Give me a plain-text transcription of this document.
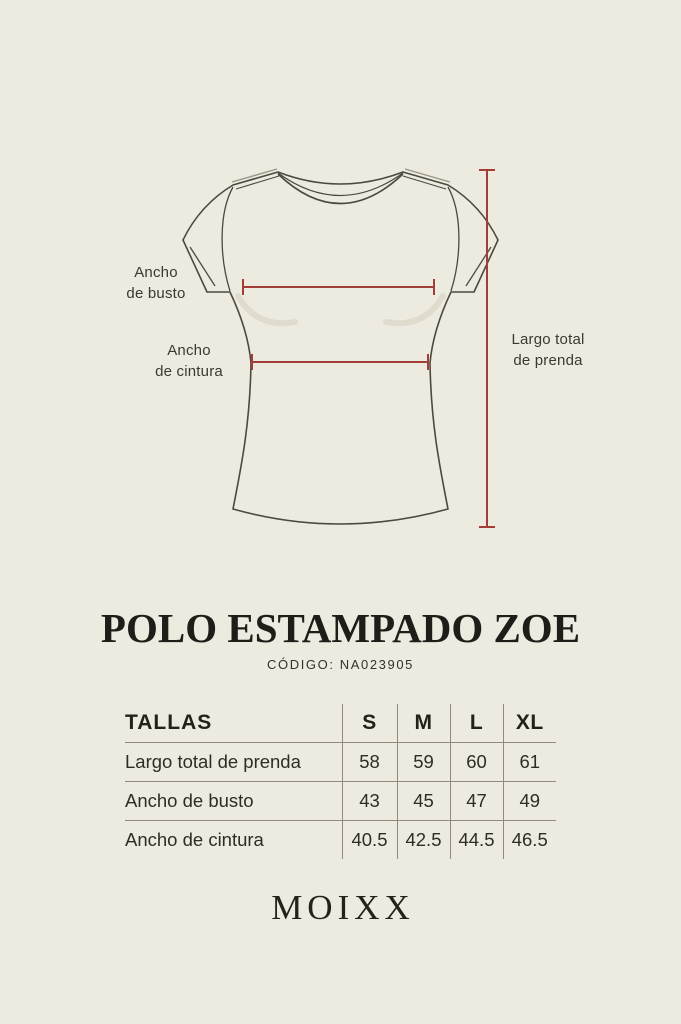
Ancho
de busto
Ancho
de cintura
Largo total
de prenda
POLO ESTAMPADO ZOE
CÓDIGO: NA023905
TALLAS	S	M	L	XL
Largo total de prenda	58	59	60	61
Ancho de busto	43	45	47	49
Ancho de cintura	40.5	42.5	44.5	46.5
MOIXX
